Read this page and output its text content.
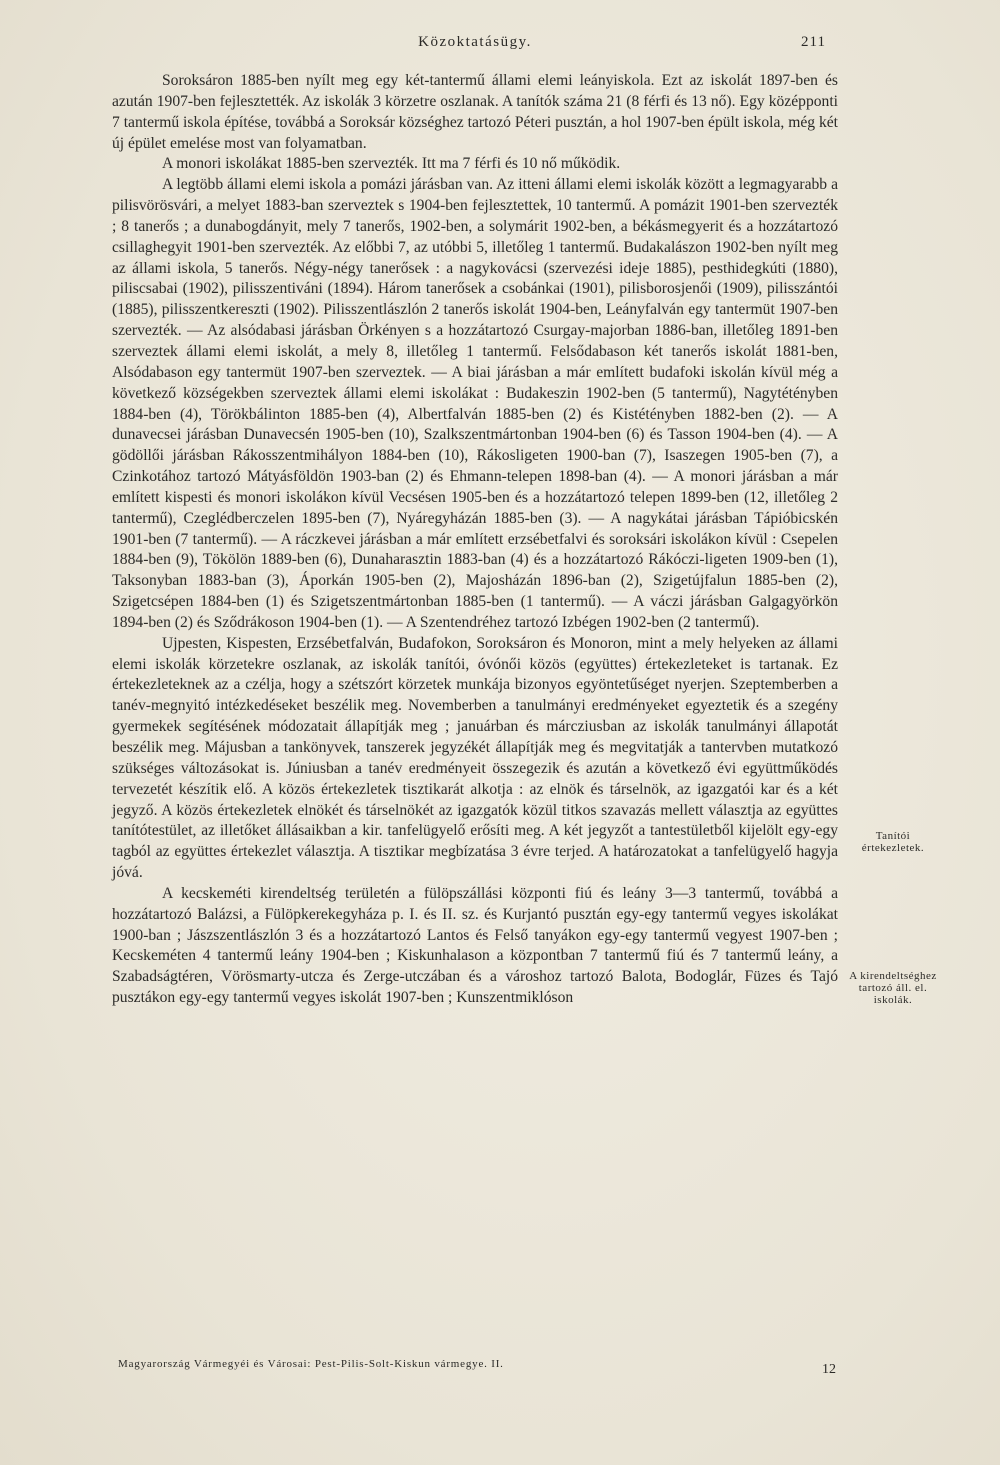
Közoktatásügy.	211

Soroksáron 1885-ben nyílt meg egy két-tantermű állami elemi leányiskola. Ezt az iskolát 1897-ben és azután 1907-ben fejlesztették. Az iskolák 3 körzetre oszlanak. A tanítók száma 21 (8 férfi és 13 nő). Egy középponti 7 tantermű iskola építése, továbbá a Soroksár községhez tartozó Péteri pusztán, a hol 1907-ben épült iskola, még két új épület emelése most van folyamatban.

A monori iskolákat 1885-ben szervezték. Itt ma 7 férfi és 10 nő működik.

A legtöbb állami elemi iskola a pomázi járásban van. Az itteni állami elemi iskolák között a legmagyarabb a pilisvörösvári, a melyet 1883-ban szerveztek s 1904-ben fejlesztettek, 10 tantermű. A pomázit 1901-ben szervezték ; 8 tanerős ; a dunabogdányit, mely 7 tanerős, 1902-ben, a solymárit 1902-ben, a békásmegyerit és a hozzátartozó csillaghegyit 1901-ben szervezték. Az előbbi 7, az utóbbi 5, illetőleg 1 tantermű. Budakalászon 1902-ben nyílt meg az állami iskola, 5 tanerős. Négy-négy tanerősek : a nagykovácsi (szervezési ideje 1885), pesthidegkúti (1880), piliscsabai (1902), pilisszentiváni (1894). Három tanerősek a csobánkai (1901), pilisborosjenői (1909), pilisszántói (1885), pilisszentkereszti (1902). Pilisszentlászlón 2 tanerős iskolát 1904-ben, Leányfalván egy tantermüt 1907-ben szervezték. — Az alsódabasi járásban Örkényen s a hozzátartozó Csurgay-majorban 1886-ban, illetőleg 1891-ben szerveztek állami elemi iskolát, a mely 8, illetőleg 1 tantermű. Felsődabason két tanerős iskolát 1881-ben, Alsódabason egy tantermüt 1907-ben szerveztek. — A biai járásban a már említett budafoki iskolán kívül még a következő községekben szerveztek állami elemi iskolákat : Budakeszin 1902-ben (5 tantermű), Nagytétényben 1884-ben (4), Törökbálinton 1885-ben (4), Albertfalván 1885-ben (2) és Kistétényben 1882-ben (2). — A dunavecsei járásban Dunavecsén 1905-ben (10), Szalkszentmártonban 1904-ben (6) és Tasson 1904-ben (4). — A gödöllői járásban Rákosszentmihályon 1884-ben (10), Rákosligeten 1900-ban (7), Isaszegen 1905-ben (7), a Czinkotához tartozó Mátyásföldön 1903-ban (2) és Ehmann-telepen 1898-ban (4). — A monori járásban a már említett kispesti és monori iskolákon kívül Vecsésen 1905-ben és a hozzátartozó telepen 1899-ben (12, illetőleg 2 tantermű), Czeglédberczelen 1895-ben (7), Nyáregyházán 1885-ben (3). — A nagykátai járásban Tápióbicskén 1901-ben (7 tantermű). — A ráczkevei járásban a már említett erzsébetfalvi és soroksári iskolákon kívül : Csepelen 1884-ben (9), Tökölön 1889-ben (6), Dunaharasztin 1883-ban (4) és a hozzátartozó Rákóczi-ligeten 1909-ben (1), Taksonyban 1883-ban (3), Áporkán 1905-ben (2), Majosházán 1896-ban (2), Szigetújfalun 1885-ben (2), Szigetcsépen 1884-ben (1) és Szigetszentmártonban 1885-ben (1 tantermű). — A váczi járásban Galgagyörkön 1894-ben (2) és Sződrákoson 1904-ben (1). — A Szentendréhez tartozó Izbégen 1902-ben (2 tantermű).

Ujpesten, Kispesten, Erzsébetfalván, Budafokon, Soroksáron és Monoron, mint a mely helyeken az állami elemi iskolák körzetekre oszlanak, az iskolák tanítói, óvónői közös (együttes) értekezleteket is tartanak. Ez értekezleteknek az a czélja, hogy a szétszórt körzetek munkája bizonyos egyöntetűséget nyerjen. Szeptemberben a tanév-megnyitó intézkedéseket beszélik meg. Novemberben a tanulmányi eredményeket egyeztetik és a szegény gyermekek segítésének módozatait állapítják meg ; januárban és márcziusban az iskolák tanulmányi állapotát beszélik meg. Májusban a tankönyvek, tanszerek jegyzékét állapítják meg és megvitatják a tantervben mutatkozó szükséges változásokat is. Júniusban a tanév eredményeit összegezik és azután a következő évi együttműködés tervezetét készítik elő. A közös értekezletek tisztikarát alkotja : az elnök és társelnök, az igazgatói kar és a két jegyző. A közös értekezletek elnökét és társelnökét az igazgatók közül titkos szavazás mellett választja az együttes tanítótestület, az illetőket állásaikban a kir. tanfelügyelő erősíti meg. A két jegyzőt a tantestületből kijelölt egy-egy tagból az együttes értekezlet választja. A tisztikar megbízatása 3 évre terjed. A határozatokat a tanfelügyelő hagyja jóvá.

A kecskeméti kirendeltség területén a fülöpszállási központi fiú és leány 3—3 tantermű, továbbá a hozzátartozó Balázsi, a Fülöpkerekegyháza p. I. és II. sz. és Kurjantó pusztán egy-egy tantermű vegyes iskolákat 1900-ban ; Jászszentlászlón 3 és a hozzátartozó Lantos és Felső tanyákon egy-egy tantermű vegyest 1907-ben ; Kecskeméten 4 tantermű leány 1904-ben ; Kiskunhalason a központban 7 tantermű fiú és 7 tantermű leány, a Szabadságtéren, Vörösmarty-utcza és Zerge-utczában és a városhoz tartozó Balota, Bodoglár, Füzes és Tajó pusztákon egy-egy tantermű vegyes iskolát 1907-ben ; Kunszentmiklóson

Tanítói értekezletek.
A kirendeltséghez tartozó áll. el. iskolák.
Magyarország Vármegyéi és Városai: Pest-Pilis-Solt-Kiskun vármegye. II.	12
